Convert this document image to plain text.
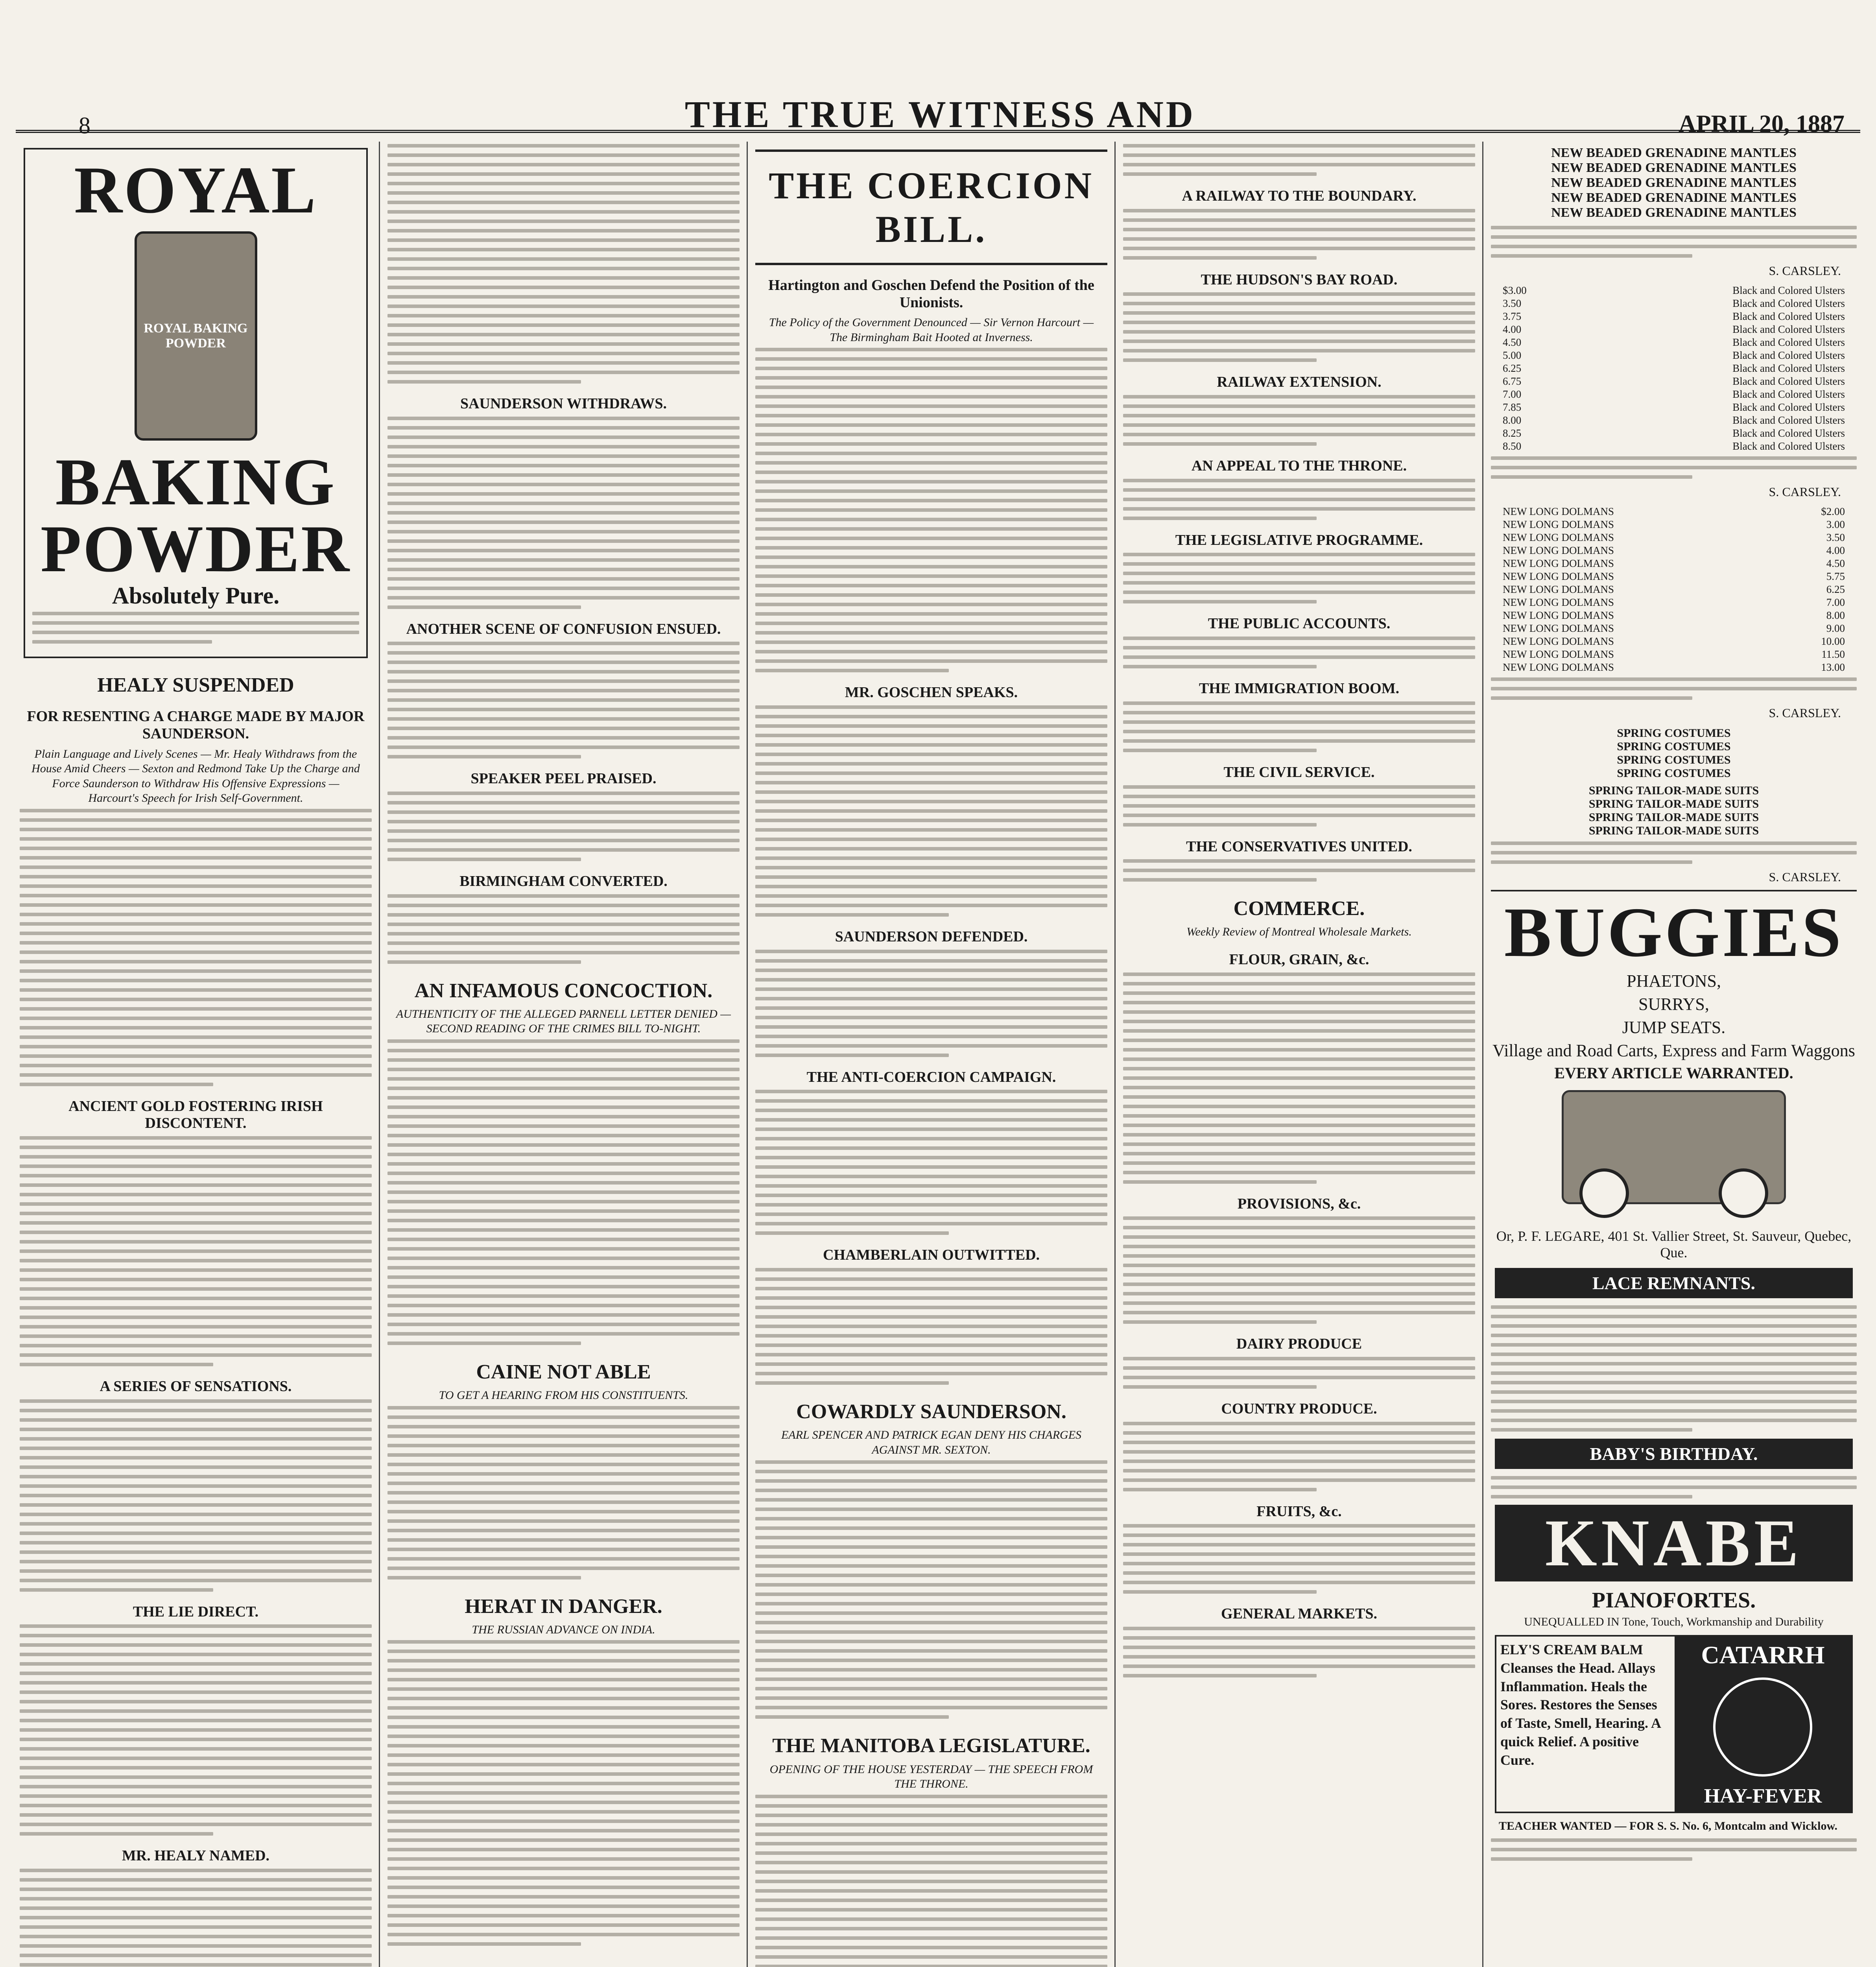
8	THE TRUE WITNESS AND	APRIL 20, 1887
ROYAL
ROYAL BAKING POWDER
BAKING
POWDER
Absolutely Pure.
HEALY SUSPENDED
FOR RESENTING A CHARGE MADE BY MAJOR SAUNDERSON.
Plain Language and Lively Scenes — Mr. Healy Withdraws from the House Amid Cheers — Sexton and Redmond Take Up the Charge and Force Saunderson to Withdraw His Offensive Expressions — Harcourt's Speech for Irish Self-Government.
ANCIENT GOLD FOSTERING IRISH DISCONTENT.
A SERIES OF SENSATIONS.
THE LIE DIRECT.
MR. HEALY NAMED.
SAUNDERSON WITHDRAWS.
ANOTHER SCENE OF CONFUSION ENSUED.
SPEAKER PEEL PRAISED.
BIRMINGHAM CONVERTED.
AN INFAMOUS CONCOCTION.
AUTHENTICITY OF THE ALLEGED PARNELL LETTER DENIED — SECOND READING OF THE CRIMES BILL TO-NIGHT.
CAINE NOT ABLE
TO GET A HEARING FROM HIS CONSTITUENTS.
HERAT IN DANGER.
THE RUSSIAN ADVANCE ON INDIA.
THE COERCION BILL.
Hartington and Goschen Defend the Position of the Unionists.
The Policy of the Government Denounced — Sir Vernon Harcourt — The Birmingham Bait Hooted at Inverness.
MR. GOSCHEN SPEAKS.
SAUNDERSON DEFENDED.
THE ANTI-COERCION CAMPAIGN.
CHAMBERLAIN OUTWITTED.
COWARDLY SAUNDERSON.
EARL SPENCER AND PATRICK EGAN DENY HIS CHARGES AGAINST MR. SEXTON.
THE MANITOBA LEGISLATURE.
OPENING OF THE HOUSE YESTERDAY — THE SPEECH FROM THE THRONE.
A RAILWAY TO THE BOUNDARY.
THE HUDSON'S BAY ROAD.
RAILWAY EXTENSION.
AN APPEAL TO THE THRONE.
THE LEGISLATIVE PROGRAMME.
THE PUBLIC ACCOUNTS.
THE IMMIGRATION BOOM.
THE CIVIL SERVICE.
THE CONSERVATIVES UNITED.
COMMERCE.
Weekly Review of Montreal Wholesale Markets.
FLOUR, GRAIN, &c.
PROVISIONS, &c.
DAIRY PRODUCE
COUNTRY PRODUCE.
FRUITS, &c.
GENERAL MARKETS.
NEW BEADED GRENADINE MANTLES
NEW BEADED GRENADINE MANTLES
NEW BEADED GRENADINE MANTLES
NEW BEADED GRENADINE MANTLES
NEW BEADED GRENADINE MANTLES
S. CARSLEY.
$3.00	Black and Colored Ulsters
3.50	Black and Colored Ulsters
3.75	Black and Colored Ulsters
4.00	Black and Colored Ulsters
4.50	Black and Colored Ulsters
5.00	Black and Colored Ulsters
6.25	Black and Colored Ulsters
6.75	Black and Colored Ulsters
7.00	Black and Colored Ulsters
7.85	Black and Colored Ulsters
8.00	Black and Colored Ulsters
8.25	Black and Colored Ulsters
8.50	Black and Colored Ulsters
S. CARSLEY.
NEW LONG DOLMANS	$2.00
NEW LONG DOLMANS	3.00
NEW LONG DOLMANS	3.50
NEW LONG DOLMANS	4.00
NEW LONG DOLMANS	4.50
NEW LONG DOLMANS	5.75
NEW LONG DOLMANS	6.25
NEW LONG DOLMANS	7.00
NEW LONG DOLMANS	8.00
NEW LONG DOLMANS	9.00
NEW LONG DOLMANS	10.00
NEW LONG DOLMANS	11.50
NEW LONG DOLMANS	13.00
S. CARSLEY.
SPRING COSTUMES
SPRING COSTUMES
SPRING COSTUMES
SPRING COSTUMES
SPRING TAILOR-MADE SUITS
SPRING TAILOR-MADE SUITS
SPRING TAILOR-MADE SUITS
SPRING TAILOR-MADE SUITS
S. CARSLEY.
BUGGIES
PHAETONS,
SURRYS,
JUMP SEATS.
Village and Road Carts, Express and Farm Waggons
EVERY ARTICLE WARRANTED.
Or, P. F. LEGARE, 401 St. Vallier Street, St. Sauveur, Quebec, Que.
LACE REMNANTS.
BABY'S BIRTHDAY.
KNABE
PIANOFORTES.
UNEQUALLED IN Tone, Touch, Workmanship and Durability
ELY'S CREAM BALM Cleanses the Head. Allays Inflammation. Heals the Sores. Restores the Senses of Taste, Smell, Hearing. A quick Relief. A positive Cure.
CATARRH
HAY-FEVER
TEACHER WANTED — FOR S. S. No. 6, Montcalm and Wicklow.
